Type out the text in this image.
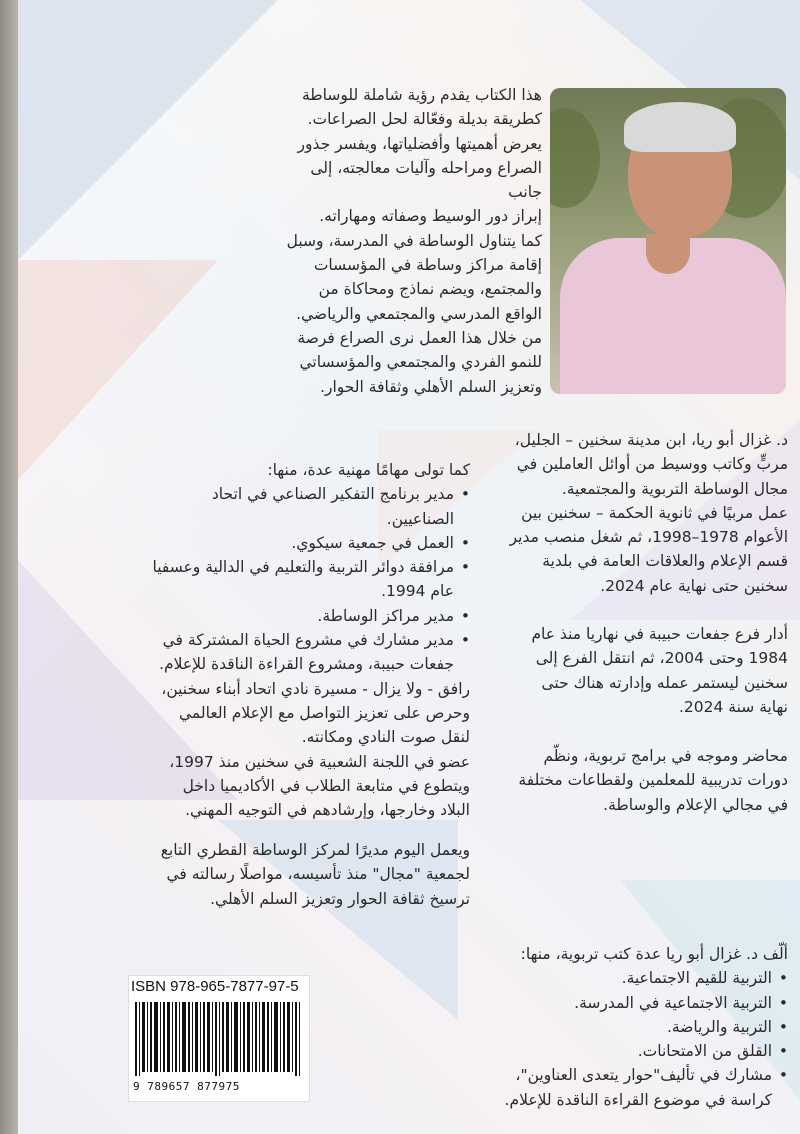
هذا الكتاب يقدم رؤية شاملة للوساطة

كطريقة بديلة وفعّالة لحل الصراعات.

يعرض أهميتها وأفضلياتها، ويفسر جذور

الصراع ومراحله وآليات معالجته، إلى جانب

إبراز دور الوسيط وصفاته ومهاراته.

كما يتناول الوساطة في المدرسة، وسبل

إقامة مراكز وساطة في المؤسسات

والمجتمع، ويضم نماذج ومحاكاة من

الواقع المدرسي والمجتمعي والرياضي.

من خلال هذا العمل نرى الصراع فرصة

للنمو الفردي والمجتمعي والمؤسساتي

وتعزيز السلم الأهلي وثقافة الحوار.

د. غزال أبو ريا، ابن مدينة سخنين – الجليل،

مربٍّ وكاتب ووسيط من أوائل العاملين في

مجال الوساطة التربوية والمجتمعية.

عمل مربيًا في ثانوية الحكمة – سخنين بين

الأعوام 1978–1998، ثم شغل منصب مدير

قسم الإعلام والعلاقات العامة في بلدية

سخنين حتى نهاية عام 2024.

أدار فرع جفعات حبيبة في نهاريا منذ عام

1984 وحتى 2004، ثم انتقل الفرع إلى

سخنين ليستمر عمله وإدارته هناك حتى

نهاية سنة 2024.

محاضر وموجه في برامج تربوية، ونظّم

دورات تدريبية للمعلمين ولقطاعات مختلفة

في مجالي الإعلام والوساطة.

كما تولى مهامًا مهنية عدة، منها:

• مدير برنامج التفكير الصناعي في اتحاد
الصناعيين.
• العمل في جمعية سيكوي.
• مرافقة دوائر التربية والتعليم في الدالية وعسفيا
عام 1994.
• مدير مراكز الوساطة.
• مدير مشارك في مشروع الحياة المشتركة في
جفعات حبيبة، ومشروع القراءة الناقدة للإعلام.

رافق - ولا يزال - مسيرة نادي اتحاد أبناء سخنين،

وحرص على تعزيز التواصل مع الإعلام العالمي

لنقل صوت النادي ومكانته.

عضو في اللجنة الشعبية في سخنين منذ 1997،

ويتطوع في متابعة الطلاب في الأكاديميا داخل

البلاد وخارجها، وإرشادهم في التوجيه المهني.

ويعمل اليوم مديرًا لمركز الوساطة القطري التابع

لجمعية "مجال" منذ تأسيسه، مواصلًا رسالته في

ترسيخ ثقافة الحوار وتعزيز السلم الأهلي.

ألّف د. غزال أبو ريا عدة كتب تربوية، منها:

• التربية للقيم الاجتماعية.
• التربية الاجتماعية في المدرسة.
• التربية والرياضة.
• القلق من الامتحانات.
• مشارك في تأليف"حوار يتعدى العناوين"،
كراسة في موضوع القراءة الناقدة للإعلام.
ISBN 978-965-7877-97-5
9 789657 877975
